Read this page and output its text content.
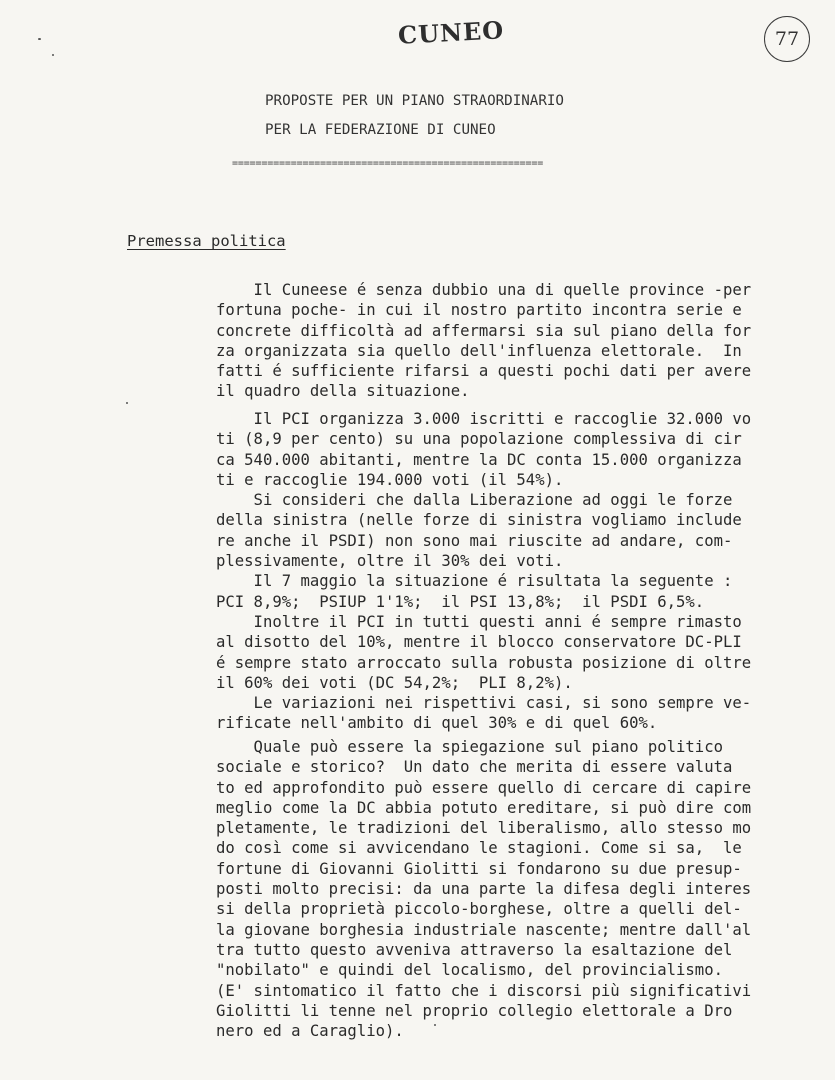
CUNEO	77
PROPOSTE PER UN PIANO STRAORDINARIO
PER LA FEDERAZIONE DI CUNEO
=====================================================
Premessa politica
Il Cuneese é senza dubbio una di quelle province -per
fortuna poche- in cui il nostro partito incontra serie e
concrete difficoltà ad affermarsi sia sul piano della for
za organizzata sia quello dell'influenza elettorale.  In
fatti é sufficiente rifarsi a questi pochi dati per avere
il quadro della situazione.
Il PCI organizza 3.000 iscritti e raccoglie 32.000 vo
ti (8,9 per cento) su una popolazione complessiva di cir
ca 540.000 abitanti, mentre la DC conta 15.000 organizza
ti e raccoglie 194.000 voti (il 54%).
Si consideri che dalla Liberazione ad oggi le forze
della sinistra (nelle forze di sinistra vogliamo include
re anche il PSDI) non sono mai riuscite ad andare, com-
plessivamente, oltre il 30% dei voti.
Il 7 maggio la situazione é risultata la seguente :
PCI 8,9%;  PSIUP 1'1%;  il PSI 13,8%;  il PSDI 6,5%.
Inoltre il PCI in tutti questi anni é sempre rimasto
al disotto del 10%, mentre il blocco conservatore DC-PLI
é sempre stato arroccato sulla robusta posizione di oltre
il 60% dei voti (DC 54,2%;  PLI 8,2%).
Le variazioni nei rispettivi casi, si sono sempre ve-
rificate nell'ambito di quel 30% e di quel 60%.
Quale può essere la spiegazione sul piano politico
sociale e storico?  Un dato che merita di essere valuta
to ed approfondito può essere quello di cercare di capire
meglio come la DC abbia potuto ereditare, si può dire com
pletamente, le tradizioni del liberalismo, allo stesso mo
do così come si avvicendano le stagioni. Come si sa,  le
fortune di Giovanni Giolitti si fondarono su due presup-
posti molto precisi: da una parte la difesa degli interes
si della proprietà piccolo-borghese, oltre a quelli del-
la giovane borghesia industriale nascente; mentre dall'al
tra tutto questo avveniva attraverso la esaltazione del
"nobilato" e quindi del localismo, del provincialismo.
(E' sintomatico il fatto che i discorsi più significativi
Giolitti li tenne nel proprio collegio elettorale a Dro
nero ed a Caraglio).
